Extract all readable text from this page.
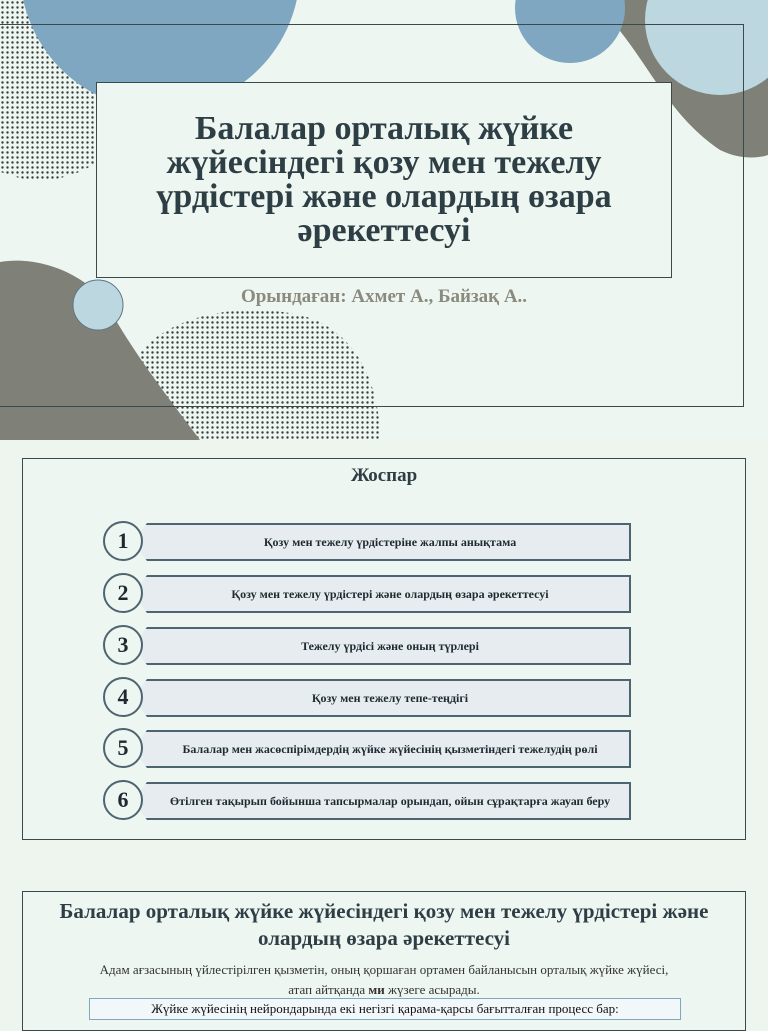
Балалар орталық жүйке жүйесіндегі қозу мен тежелу үрдістері және олардың өзара әрекеттесуі
Орындаған: Ахмет А., Байзақ А..
Жоспар
1	Қозу мен тежелу үрдістеріне жалпы анықтама
2	Қозу мен тежелу үрдістері және олардың өзара әрекеттесуі
3	Тежелу үрдісі және оның түрлері
4	Қозу мен тежелу тепе-теңдігі
5	Балалар мен жасөспірімдердің жүйке жүйесінің қызметіндегі тежелудің рөлі
6	Өтілген тақырып бойынша тапсырмалар орындап, ойын сұрақтарға жауап беру
Балалар орталық жүйке жүйесіндегі қозу мен тежелу үрдістері және олардың өзара әрекеттесуі
Адам ағзасының үйлестірілген қызметін, оның қоршаған ортамен байланысын орталық жүйке жүйесі,
атап айтқанда ми жүзеге асырады.
Жүйке жүйесінің нейрондарында екі негізгі қарама-қарсы бағытталған процесс бар:
